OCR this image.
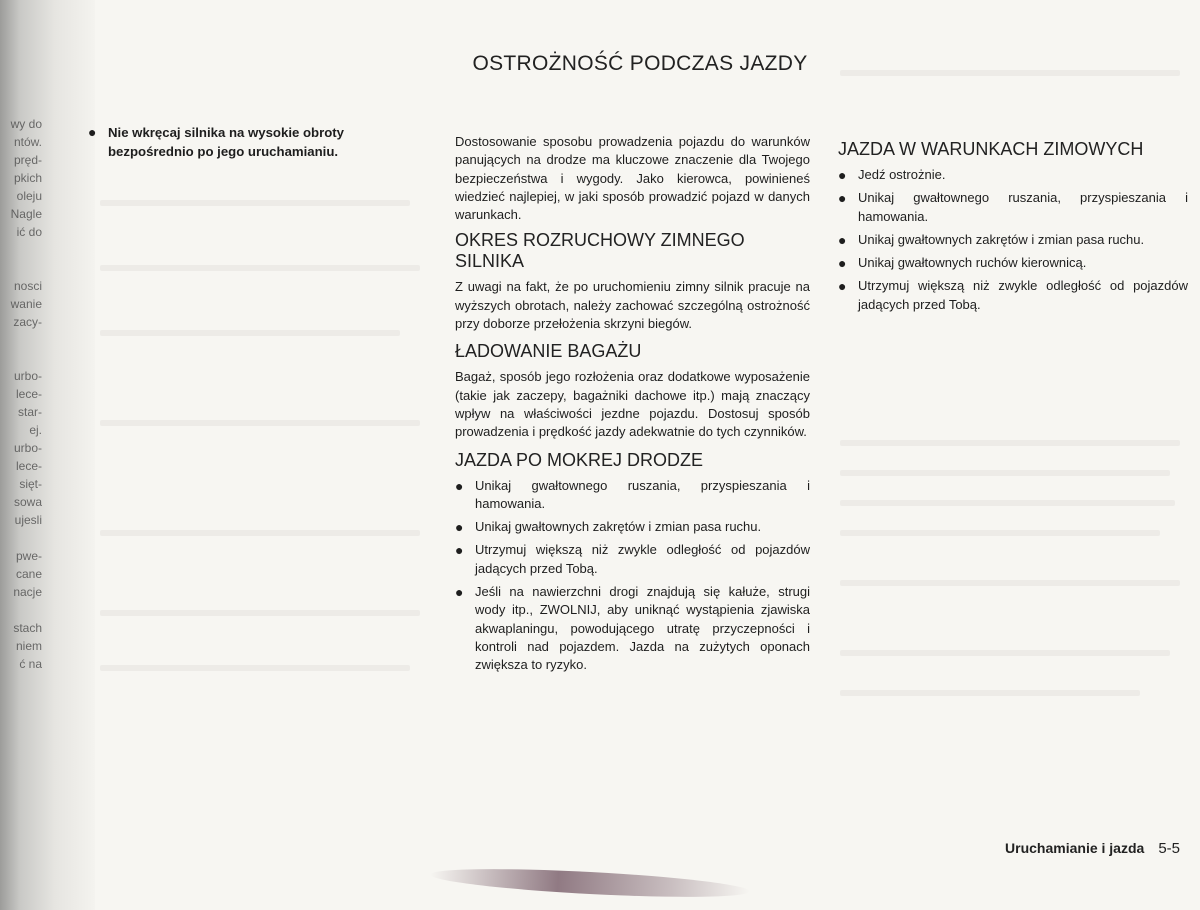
wy do
ntów.
pręd-
pkich
oleju
Nagle
ić do
nosci
wanie
zacy-
urbo-
lece-
star-
ej.
urbo-
lece-
sięt-
sowa
ujesli
pwe-
cane
nacje
stach
niem
ć na
OSTROŻNOŚĆ PODCZAS JAZDY
● Nie wkręcaj silnika na wysokie obroty bezpośrednio po jego uruchamianiu.

Dostosowanie sposobu prowadzenia pojazdu do warunków panujących na drodze ma kluczowe znaczenie dla Twojego bezpieczeństwa i wygody. Jako kierowca, powinieneś wiedzieć najlepiej, w jaki sposób prowadzić pojazd w danych warunkach.

OKRES ROZRUCHOWY ZIMNEGO SILNIKA

Z uwagi na fakt, że po uruchomieniu zimny silnik pracuje na wyższych obrotach, należy zachować szczególną ostrożność przy doborze przełożenia skrzyni biegów.

ŁADOWANIE BAGAŻU

Bagaż, sposób jego rozłożenia oraz dodatkowe wyposażenie (takie jak zaczepy, bagażniki dachowe itp.) mają znaczący wpływ na właściwości jezdne pojazdu. Dostosuj sposób prowadzenia i prędkość jazdy adekwatnie do tych czynników.

JAZDA PO MOKREJ DRODZE
● Unikaj gwałtownego ruszania, przyspieszania i hamowania.
● Unikaj gwałtownych zakrętów i zmian pasa ruchu.
● Utrzymuj większą niż zwykle odległość od pojazdów jadących przed Tobą.
● Jeśli na nawierzchni drogi znajdują się kałuże, strugi wody itp., ZWOLNIJ, aby uniknąć wystąpienia zjawiska akwaplaningu, powodującego utratę przyczepności i kontroli nad pojazdem. Jazda na zużytych oponach zwiększa to ryzyko.
JAZDA W WARUNKACH ZIMOWYCH
● Jedź ostrożnie.
● Unikaj gwałtownego ruszania, przyspieszania i hamowania.
● Unikaj gwałtownych zakrętów i zmian pasa ruchu.
● Unikaj gwałtownych ruchów kierownicą.
● Utrzymuj większą niż zwykle odległość od pojazdów jadących przed Tobą.
Uruchamianie i jazda 5-5
